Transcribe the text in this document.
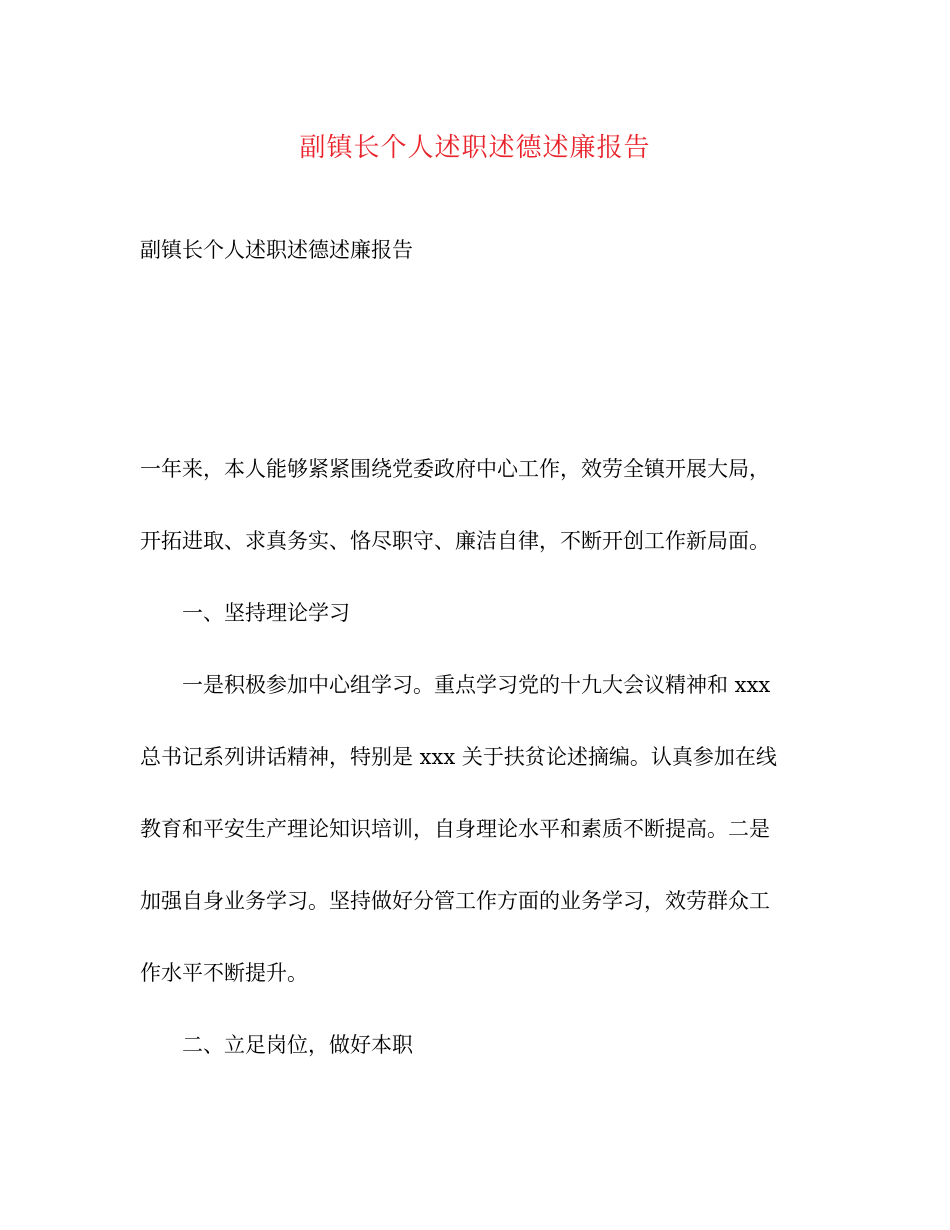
副镇长个人述职述德述廉报告
副镇长个人述职述德述廉报告
一年来，本人能够紧紧围绕党委政府中心工作，效劳全镇开展大局，
开拓进取、求真务实、恪尽职守、廉洁自律，不断开创工作新局面。
一、坚持理论学习
一是积极参加中心组学习。重点学习党的十九大会议精神和 xxx
总书记系列讲话精神，特别是 xxx 关于扶贫论述摘编。认真参加在线
教育和平安生产理论知识培训，自身理论水平和素质不断提高。二是
加强自身业务学习。坚持做好分管工作方面的业务学习，效劳群众工
作水平不断提升。
二、立足岗位，做好本职
